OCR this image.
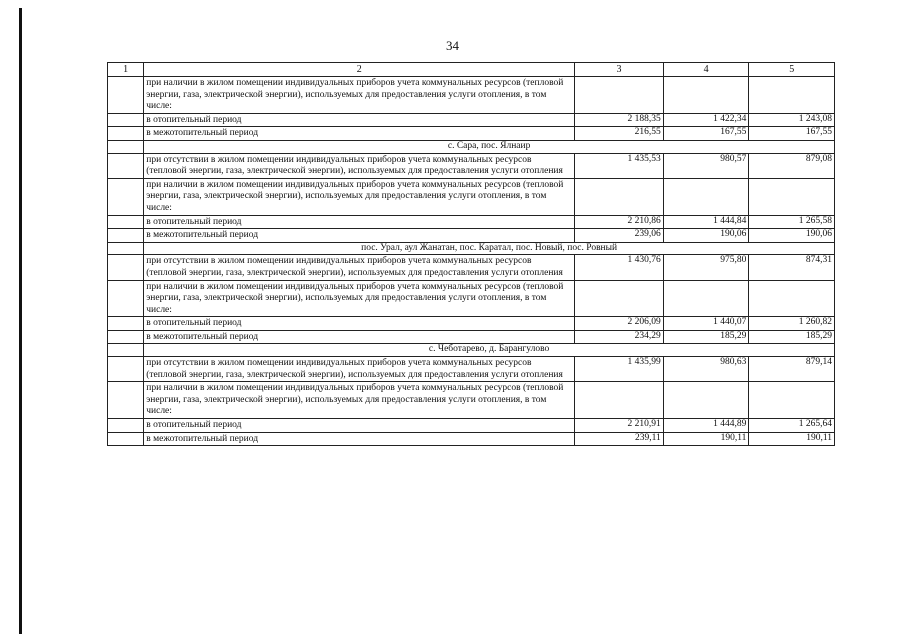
34
1	2	3	4	5
	при наличии в жилом помещении индивидуальных приборов учета коммунальных ресурсов (тепловой энергии, газа, электрической энергии), используемых для предоставления услуги отопления, в том числе:			
	в отопительный период	2 188,35	1 422,34	1 243,08
	в межотопительный период	216,55	167,55	167,55
	с. Сара, пос. Ялнаир			
	при отсутствии в жилом помещении индивидуальных приборов учета коммунальных ресурсов (тепловой энергии, газа, электрической энергии), используемых для предоставления услуги отопления	1 435,53	980,57	879,08
	при наличии в жилом помещении индивидуальных приборов учета коммунальных ресурсов (тепловой энергии, газа, электрической энергии), используемых для предоставления услуги отопления, в том числе:			
	в отопительный период	2 210,86	1 444,84	1 265,58
	в межотопительный период	239,06	190,06	190,06
	пос. Урал, аул Жанатан, пос. Каратал, пос. Новый, пос. Ровный			
	при отсутствии в жилом помещении индивидуальных приборов учета коммунальных ресурсов (тепловой энергии, газа, электрической энергии), используемых для предоставления услуги отопления	1 430,76	975,80	874,31
	при наличии в жилом помещении индивидуальных приборов учета коммунальных ресурсов (тепловой энергии, газа, электрической энергии), используемых для предоставления услуги отопления, в том числе:			
	в отопительный период	2 206,09	1 440,07	1 260,82
	в межотопительный период	234,29	185,29	185,29
	с. Чеботарево, д. Барангулово			
	при отсутствии в жилом помещении индивидуальных приборов учета коммунальных ресурсов (тепловой энергии, газа, электрической энергии), используемых для предоставления услуги отопления	1 435,99	980,63	879,14
	при наличии в жилом помещении индивидуальных приборов учета коммунальных ресурсов (тепловой энергии, газа, электрической энергии), используемых для предоставления услуги отопления, в том числе:			
	в отопительный период	2 210,91	1 444,89	1 265,64
	в межотопительный период	239,11	190,11	190,11
